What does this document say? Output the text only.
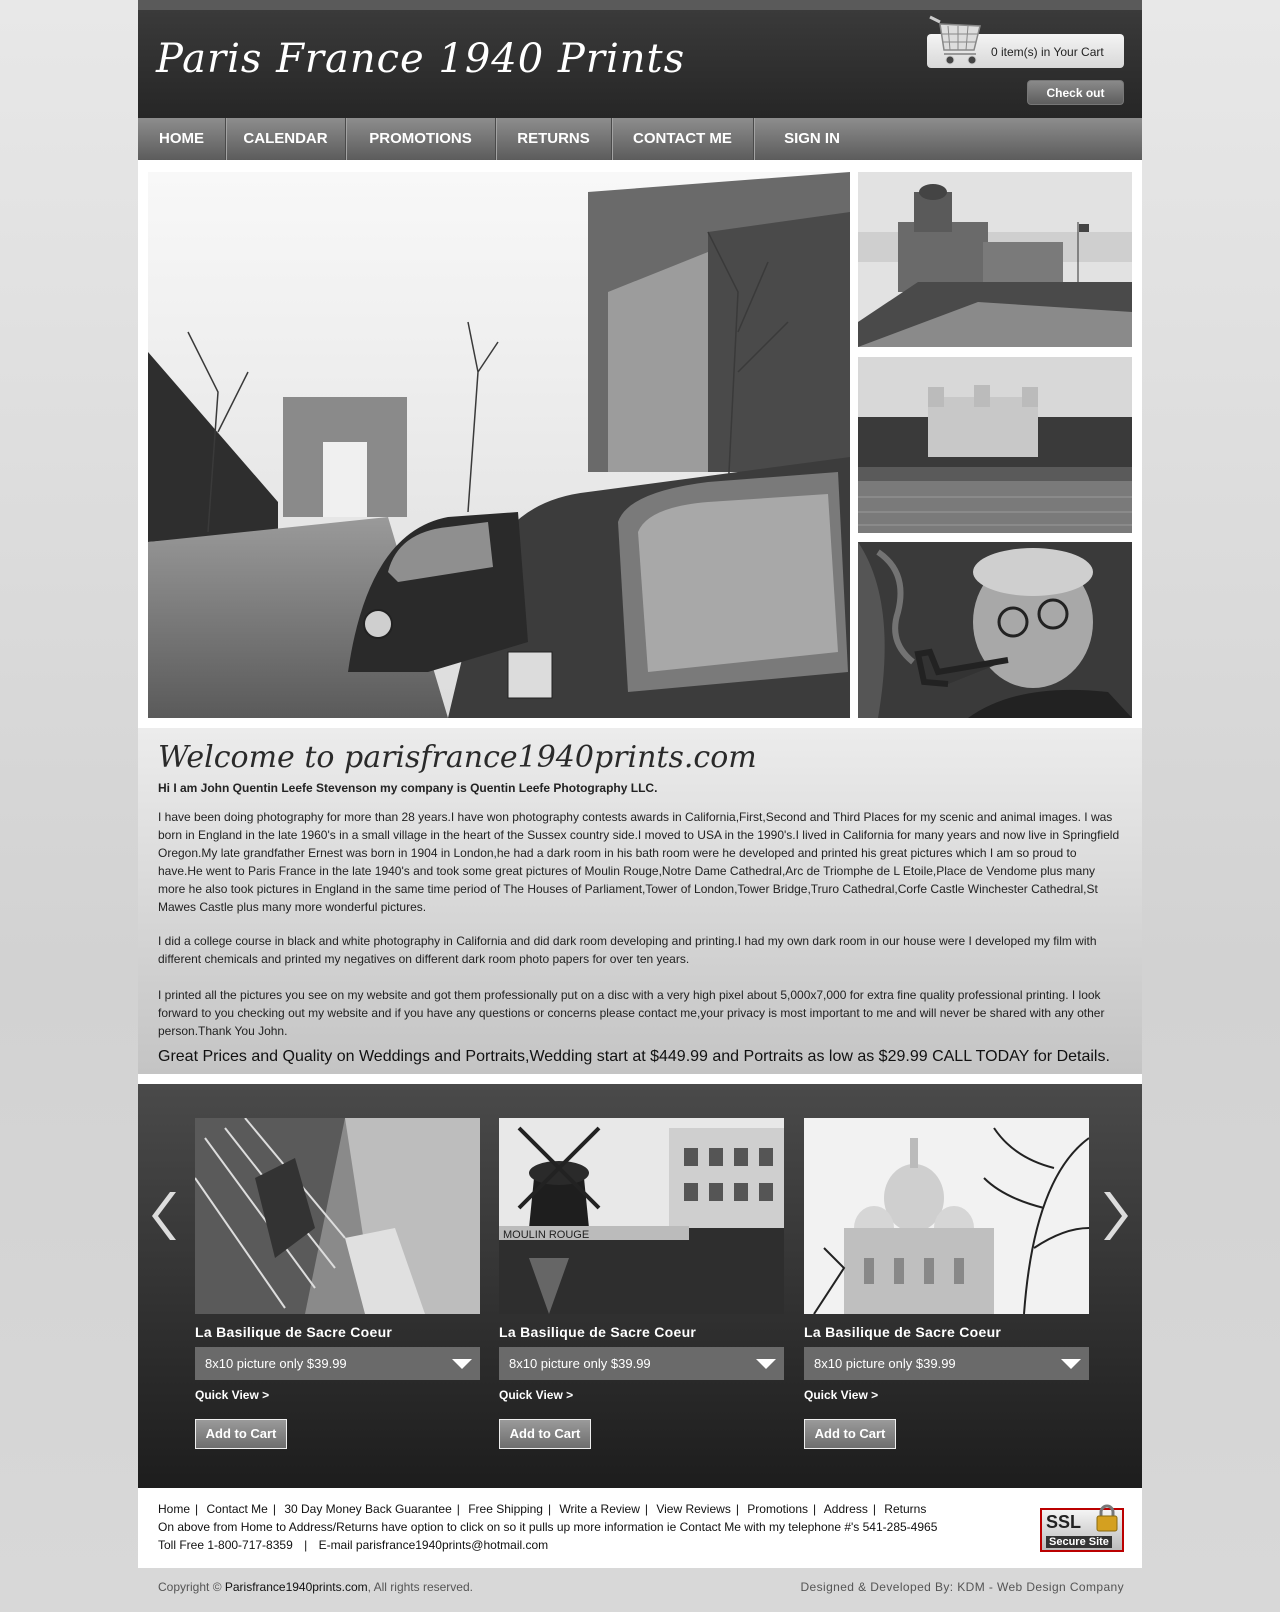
Paris France 1940 Prints	0 item(s) in Your Cart
Check out
HOME	CALENDAR	PROMOTIONS	RETURNS	CONTACT ME	SIGN IN
Welcome to parisfrance1940prints.com
Hi I am John Quentin Leefe Stevenson my company is Quentin Leefe Photography LLC.
I have been doing photography for more than 28 years.I have won photography contests awards in California,First,Second and Third Places for my scenic and animal images. I was born in England in the late 1960's in a small village in the heart of the Sussex country side.I moved to USA in the 1990's.I lived in California for many years and now live in Springfield Oregon.My late grandfather Ernest was born in 1904 in London,he had a dark room in his bath room were he developed and printed his great pictures which I am so proud to have.He went to Paris France in the late 1940's and took some great pictures of Moulin Rouge,Notre Dame Cathedral,Arc de Triomphe de L Etoile,Place de Vendome plus many more he also took pictures in England in the same time period of The Houses of Parliament,Tower of London,Tower Bridge,Truro Cathedral,Corfe Castle Winchester Cathedral,St Mawes Castle plus many more wonderful pictures.
I did a college course in black and white photography in California and did dark room developing and printing.I had my own dark room in our house were I developed my film with different chemicals and printed my negatives on different dark room photo papers for over ten years.
I printed all the pictures you see on my website and got them professionally put on a disc with a very high pixel about 5,000x7,000 for extra fine quality professional printing. I look forward to you checking out my website and if you have any questions or concerns please contact me,your privacy is most important to me and will never be shared with any other person.Thank You John.
Great Prices and Quality on Weddings and Portraits,Wedding start at $449.99 and Portraits as low as $29.99 CALL TODAY for Details.
La Basilique de Sacre Coeur
8x10 picture only $39.99
Quick View >
Add to Cart
MOULIN ROUGE
La Basilique de Sacre Coeur
8x10 picture only $39.99
Quick View >
Add to Cart
La Basilique de Sacre Coeur
8x10 picture only $39.99
Quick View >
Add to Cart
Home | Contact Me | 30 Day Money Back Guarantee | Free Shipping | Write a Review | View Reviews | Promotions | Address | Returns
On above from Home to Address/Returns have option to click on so it pulls up more information ie Contact Me with my telephone #'s 541-285-4965
Toll Free 1-800-717-8359 | E-mail parisfrance1940prints@hotmail.com
SSL
Secure Site
Copyright © Parisfrance1940prints.com, All rights reserved.	Designed & Developed By: KDM - Web Design Company
